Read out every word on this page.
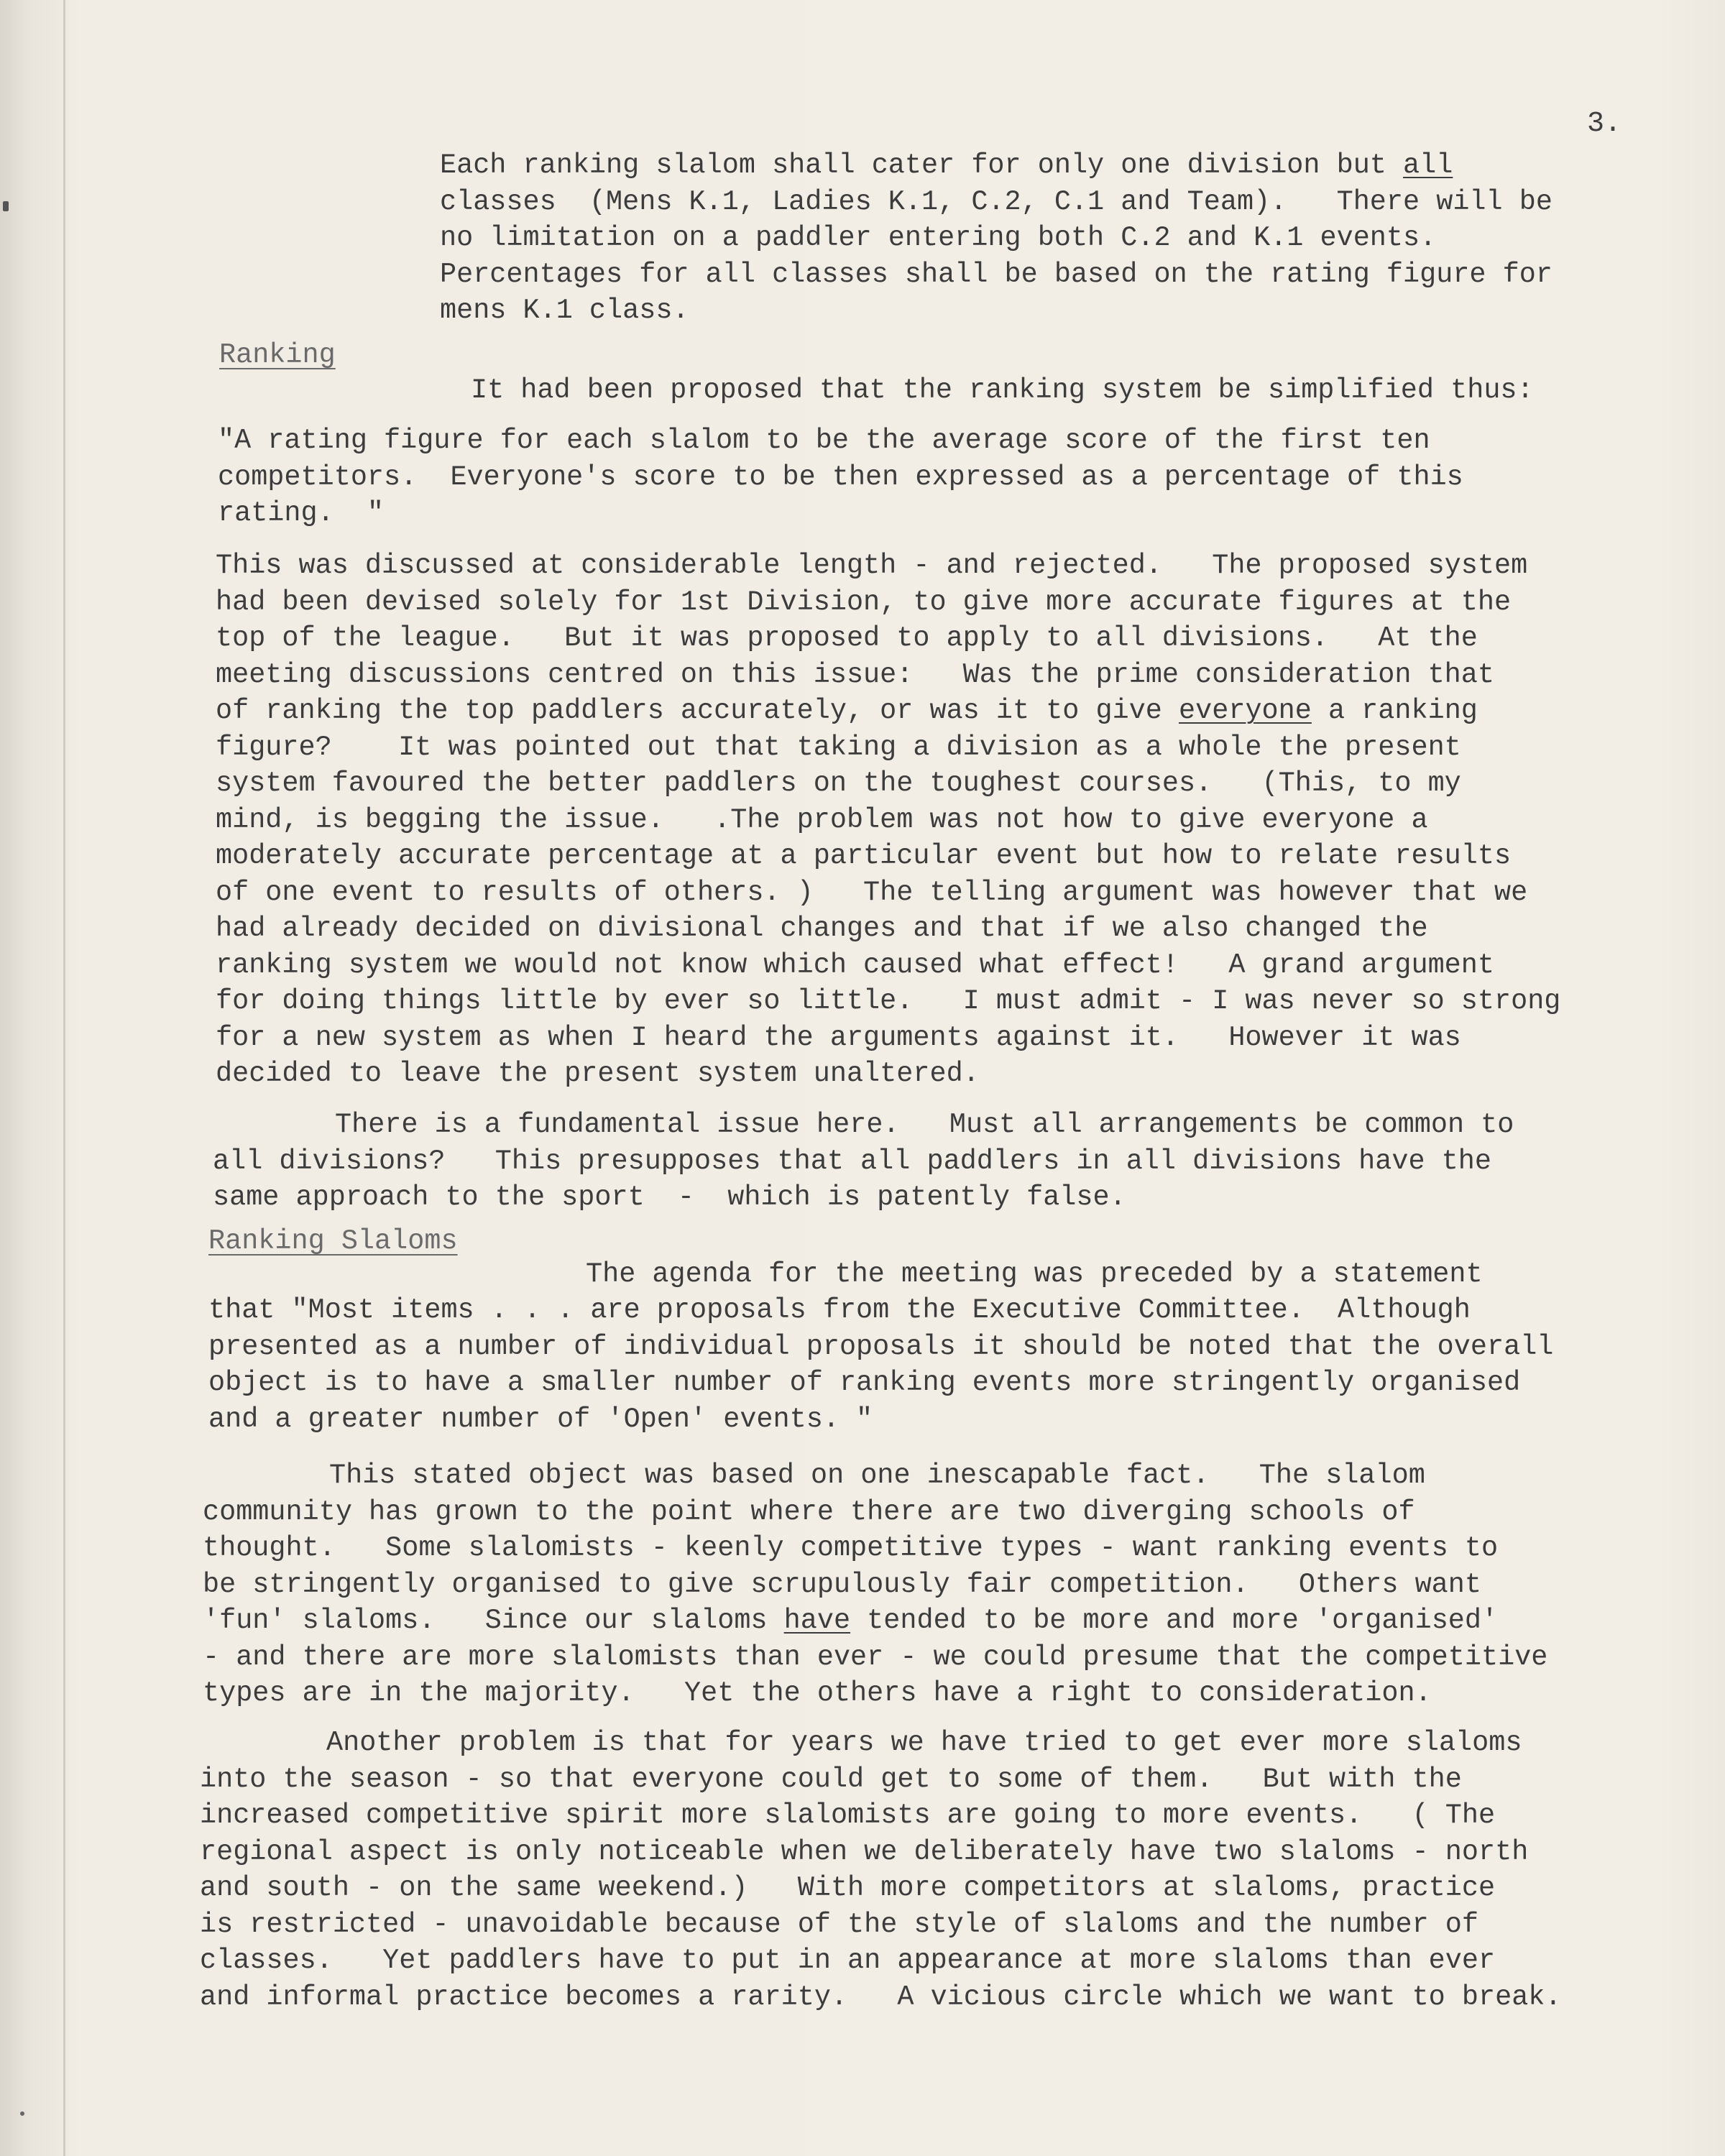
3.
Each ranking slalom shall cater for only one division but all
classes  (Mens K.1, Ladies K.1, C.2, C.1 and Team).   There will be
no limitation on a paddler entering both C.2 and K.1 events.
Percentages for all classes shall be based on the rating figure for
mens K.1 class.
Ranking
It had been proposed that the ranking system be simplified thus:
"A rating figure for each slalom to be the average score of the first ten
competitors.  Everyone's score to be then expressed as a percentage of this
rating.  "
This was discussed at considerable length - and rejected.   The proposed system
had been devised solely for 1st Division, to give more accurate figures at the
top of the league.   But it was proposed to apply to all divisions.   At the
meeting discussions centred on this issue:   Was the prime consideration that
of ranking the top paddlers accurately, or was it to give everyone a ranking
figure?    It was pointed out that taking a division as a whole the present
system favoured the better paddlers on the toughest courses.   (This, to my
mind, is begging the issue.   .The problem was not how to give everyone a
moderately accurate percentage at a particular event but how to relate results
of one event to results of others. )   The telling argument was however that we
had already decided on divisional changes and that if we also changed the
ranking system we would not know which caused what effect!   A grand argument
for doing things little by ever so little.   I must admit - I was never so strong
for a new system as when I heard the arguments against it.   However it was
decided to leave the present system unaltered.
There is a fundamental issue here.   Must all arrangements be common to
all divisions?   This presupposes that all paddlers in all divisions have the
same approach to the sport  -  which is patently false.
Ranking Slaloms
The agenda for the meeting was preceded by a statement
that "Most items . . . are proposals from the Executive Committee.  Although
presented as a number of individual proposals it should be noted that the overall
object is to have a smaller number of ranking events more stringently organised
and a greater number of 'Open' events. "
This stated object was based on one inescapable fact.   The slalom
community has grown to the point where there are two diverging schools of
thought.   Some slalomists - keenly competitive types - want ranking events to
be stringently organised to give scrupulously fair competition.   Others want
'fun' slaloms.   Since our slaloms have tended to be more and more 'organised'
- and there are more slalomists than ever - we could presume that the competitive
types are in the majority.   Yet the others have a right to consideration.
Another problem is that for years we have tried to get ever more slaloms
into the season - so that everyone could get to some of them.   But with the
increased competitive spirit more slalomists are going to more events.   ( The
regional aspect is only noticeable when we deliberately have two slaloms - north
and south - on the same weekend.)   With more competitors at slaloms, practice
is restricted - unavoidable because of the style of slaloms and the number of
classes.   Yet paddlers have to put in an appearance at more slaloms than ever
and informal practice becomes a rarity.   A vicious circle which we want to break.
